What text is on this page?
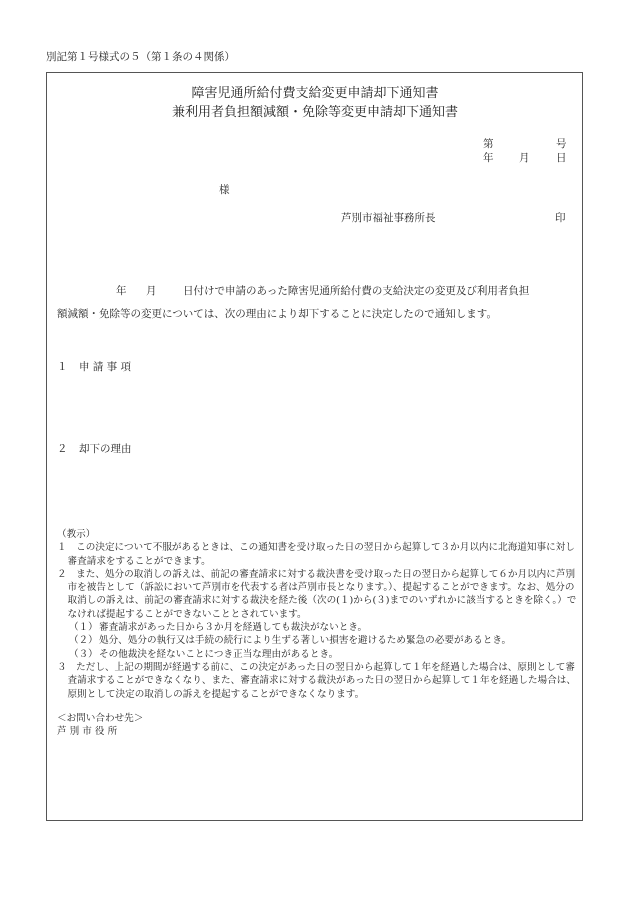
別記第１号様式の５（第１条の４関係）
障害児通所給付費支給変更申請却下通知書
兼利用者負担額減額・免除等変更申請却下通知書
第	号
年 月	日
様
芦別市福祉事務所長	印
年 月	日付けで申請のあった障害児通所給付費の支給決定の変更及び利用者負担
額減額・免除等の変更については、次の理由により却下することに決定したので通知します。
１ 申 請 事 項
２ 却下の理由
（教示）
１　この決定について不服があるときは、この通知書を受け取った日の翌日から起算して３か月以内に北海道知事に対し審査請求をすることができます。
２　また、処分の取消しの訴えは、前記の審査請求に対する裁決書を受け取った日の翌日から起算して６か月以内に芦別市を被告として（訴訟において芦別市を代表する者は芦別市長となります。）、提起することができます。なお、処分の取消しの訴えは、前記の審査請求に対する裁決を経た後（次の(１)から(３)までのいずれかに該当するときを除く。）でなければ提起することができないこととされています。
（１）審査請求があった日から３か月を経過しても裁決がないとき。
（２）処分、処分の執行又は手続の続行により生ずる著しい損害を避けるため緊急の必要があるとき。
（３）その他裁決を経ないことにつき正当な理由があるとき。
３　ただし、上記の期間が経過する前に、この決定があった日の翌日から起算して１年を経過した場合は、原則として審査請求することができなくなり、また、審査請求に対する裁決があった日の翌日から起算して１年を経過した場合は、原則として決定の取消しの訴えを提起することができなくなります。
＜お問い合わせ先＞
芦 別 市 役 所
